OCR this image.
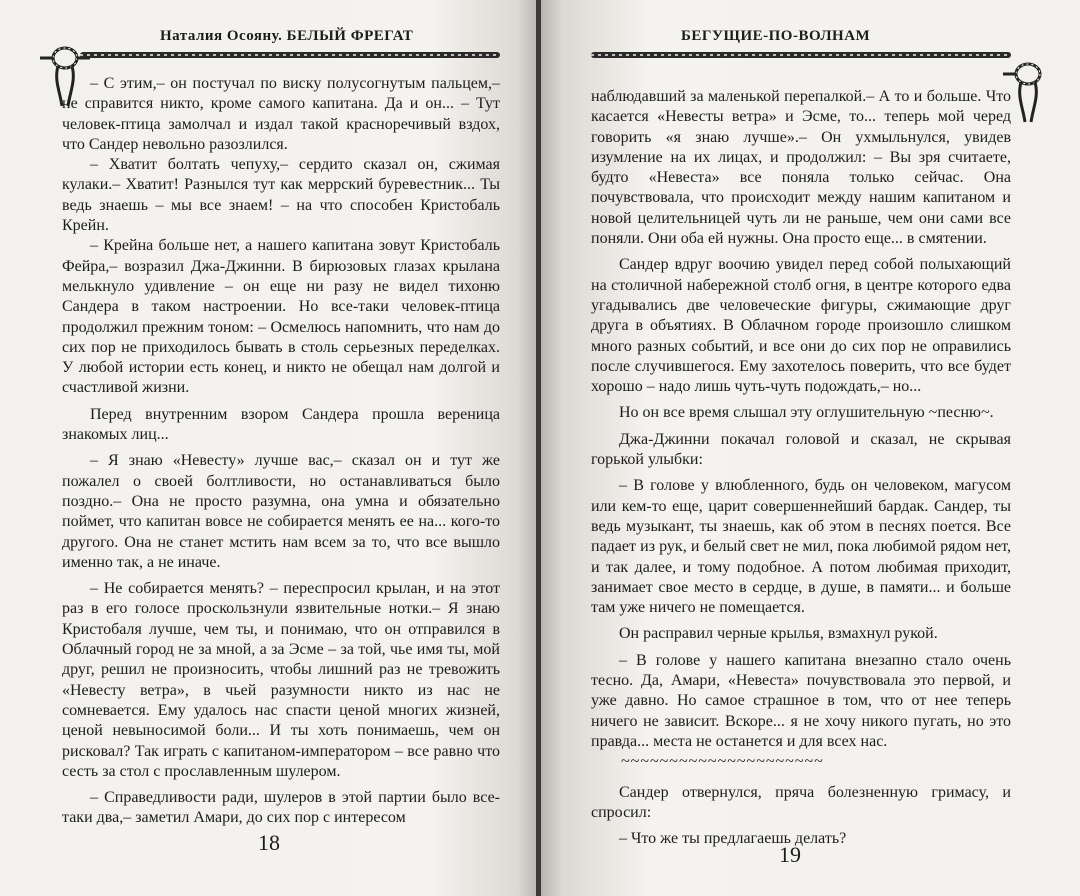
Наталия Осояну. БЕЛЫЙ ФРЕГАТ

– С этим,– он постучал по виску полусогнутым пальцем,– не справится никто, кроме самого капитана. Да и он... – Тут человек-птица замолчал и издал такой красноречивый вздох, что Сандер невольно разозлился.

– Хватит болтать чепуху,– сердито сказал он, сжимая кулаки.– Хватит! Разнылся тут как меррский буревестник... Ты ведь знаешь – мы все знаем! – на что способен Кристобаль Крейн.

– Крейна больше нет, а нашего капитана зовут Кристобаль Фейра,– возразил Джа-Джинни. В бирюзовых глазах крылана мелькнуло удивление – он еще ни разу не видел тихоню Сандера в таком настроении. Но все-таки человек-птица продолжил прежним тоном: – Осмелюсь напомнить, что нам до сих пор не приходилось бывать в столь серьезных переделках. У любой истории есть конец, и никто не обещал нам долгой и счастливой жизни.

Перед внутренним взором Сандера прошла вереница знакомых лиц...

– Я знаю «Невесту» лучше вас,– сказал он и тут же пожалел о своей болтливости, но останавливаться было поздно.– Она не просто разумна, она умна и обязательно поймет, что капитан вовсе не собирается менять ее на... кого-то другого. Она не станет мстить нам всем за то, что все вышло именно так, а не иначе.

– Не собирается менять? – переспросил крылан, и на этот раз в его голосе проскользнули язвительные нотки.– Я знаю Кристобаля лучше, чем ты, и понимаю, что он отправился в Облачный город не за мной, а за Эсме – за той, чье имя ты, мой друг, решил не произносить, чтобы лишний раз не тревожить «Невесту ветра», в чьей разумности никто из нас не сомневается. Ему удалось нас спасти ценой многих жизней, ценой невыносимой боли... И ты хоть понимаешь, чем он рисковал? Так играть с капитаном-императором – все равно что сесть за стол с прославленным шулером.

– Справедливости ради, шулеров в этой партии было все-таки два,– заметил Амари, до сих пор с интересом

18
БЕГУЩИЕ-ПО-ВОЛНАМ

наблюдавший за маленькой перепалкой.– А то и больше. Что касается «Невесты ветра» и Эсме, то... теперь мой черед говорить «я знаю лучше».– Он ухмыльнулся, увидев изумление на их лицах, и продолжил: – Вы зря считаете, будто «Невеста» все поняла только сейчас. Она почувствовала, что происходит между нашим капитаном и новой целительницей чуть ли не раньше, чем они сами все поняли. Они оба ей нужны. Она просто еще... в смятении.

Сандер вдруг воочию увидел перед собой полыхающий на столичной набережной столб огня, в центре которого едва угадывались две человеческие фигуры, сжимающие друг друга в объятиях. В Облачном городе произошло слишком много разных событий, и все они до сих пор не оправились после случившегося. Ему захотелось поверить, что все будет хорошо – надо лишь чуть-чуть подождать,– но...

Но он все время слышал эту оглушительную ~песню~.

Джа-Джинни покачал головой и сказал, не скрывая горькой улыбки:

– В голове у влюбленного, будь он человеком, магусом или кем-то еще, царит совершеннейший бардак. Сандер, ты ведь музыкант, ты знаешь, как об этом в песнях поется. Все падает из рук, и белый свет не мил, пока любимой рядом нет, и так далее, и тому подобное. А потом любимая приходит, занимает свое место в сердце, в душе, в памяти... и больше там уже ничего не помещается.

Он расправил черные крылья, взмахнул рукой.

– В голове у нашего капитана внезапно стало очень тесно. Да, Амари, «Невеста» почувствовала это первой, и уже давно. Но самое страшное в том, что от нее теперь ничего не зависит. Вскоре... я не хочу никого пугать, но это правда... места не останется и для всех нас.

~~~~~~~~~~~~~~~~~~~~~

Сандер отвернулся, пряча болезненную гримасу, и спросил:

– Что же ты предлагаешь делать?

19
